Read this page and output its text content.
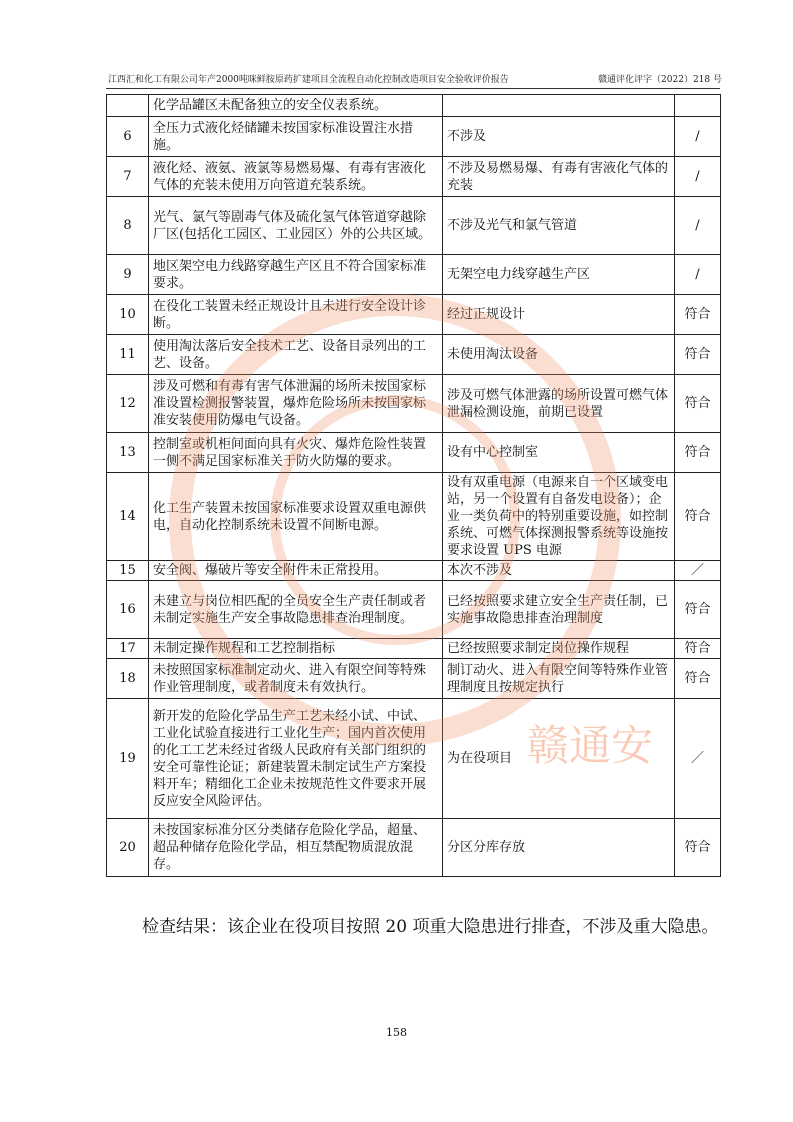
江西汇和化工有限公司年产2000吨咪鲜胺原药扩建项目全流程自动化控制改造项目安全验收评价报告	赣通评化评字（2022）218 号
	化学品罐区未配备独立的安全仪表系统。		
6	全压力式液化烃储罐未按国家标准设置注水措施。	不涉及	/
7	液化烃、液氨、液氯等易燃易爆、有毒有害液化气体的充装未使用万向管道充装系统。	不涉及易燃易爆、有毒有害液化气体的充装	/
8	光气、氯气等剧毒气体及硫化氢气体管道穿越除厂区(包括化工园区、工业园区）外的公共区域。	不涉及光气和氯气管道	/
9	地区架空电力线路穿越生产区且不符合国家标准要求。	无架空电力线穿越生产区	/
10	在役化工装置未经正规设计且未进行安全设计诊断。	经过正规设计	符合
11	使用淘汰落后安全技术工艺、设备目录列出的工艺、设备。	未使用淘汰设备	符合
12	涉及可燃和有毒有害气体泄漏的场所未按国家标准设置检测报警装置，爆炸危险场所未按国家标准安装使用防爆电气设备。	涉及可燃气体泄露的场所设置可燃气体泄漏检测设施，前期已设置	符合
13	控制室或机柜间面向具有火灾、爆炸危险性装置一侧不满足国家标准关于防火防爆的要求。	设有中心控制室	符合
14	化工生产装置未按国家标准要求设置双重电源供电，自动化控制系统未设置不间断电源。	设有双重电源（电源来自一个区域变电站，另一个设置有自备发电设备）；企业一类负荷中的特别重要设施，如控制系统、可燃气体探测报警系统等设施按要求设置 UPS 电源	符合
15	安全阀、爆破片等安全附件未正常投用。	本次不涉及	／
16	未建立与岗位相匹配的全员安全生产责任制或者未制定实施生产安全事故隐患排查治理制度。	已经按照要求建立安全生产责任制，已实施事故隐患排查治理制度	符合
17	未制定操作规程和工艺控制指标	已经按照要求制定岗位操作规程	符合
18	未按照国家标准制定动火、进入有限空间等特殊作业管理制度，或者制度未有效执行。	制订动火、进入有限空间等特殊作业管理制度且按规定执行	符合
19	新开发的危险化学品生产工艺未经小试、中试、工业化试验直接进行工业化生产；国内首次使用的化工工艺未经过省级人民政府有关部门组织的安全可靠性论证；新建装置未制定试生产方案投料开车；精细化工企业未按规范性文件要求开展反应安全风险评估。	为在役项目	／
20	未按国家标准分区分类储存危险化学品，超量、超品种储存危险化学品，相互禁配物质混放混存。	分区分库存放	符合
检查结果：该企业在役项目按照 20 项重大隐患进行排查，不涉及重大隐患。
158
赣通安
